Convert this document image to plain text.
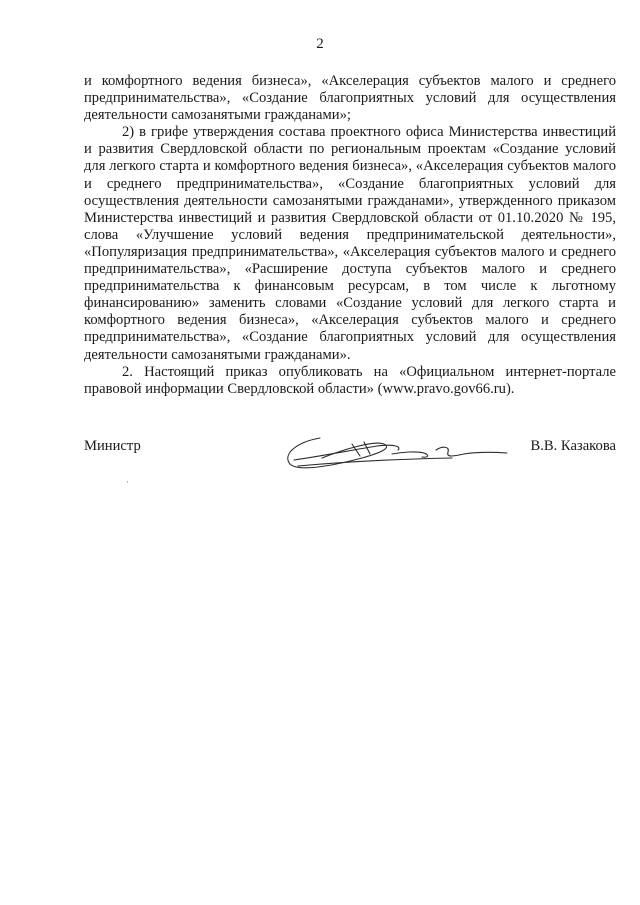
2

и комфортного ведения бизнеса», «Акселерация субъектов малого и среднего предпринимательства», «Создание благоприятных условий для осуществления деятельности самозанятыми гражданами»;

2) в грифе утверждения состава проектного офиса Министерства инвестиций и развития Свердловской области по региональным проектам «Создание условий для легкого старта и комфортного ведения бизнеса», «Акселерация субъектов малого и среднего предпринимательства», «Создание благоприятных условий для осуществления деятельности самозанятыми гражданами», утвержденного приказом Министерства инвестиций и развития Свердловской области от 01.10.2020 № 195, слова «Улучшение условий ведения предпринимательской деятельности», «Популяризация предпринимательства», «Акселерация субъектов малого и среднего предпринимательства», «Расширение доступа субъектов малого и среднего предпринимательства к финансовым ресурсам, в том числе к льготному финансированию» заменить словами «Создание условий для легкого старта и комфортного ведения бизнеса», «Акселерация субъектов малого и среднего предпринимательства», «Создание благоприятных условий для осуществления деятельности самозанятыми гражданами».

2. Настоящий приказ опубликовать на «Официальном интернет-портале правовой информации Свердловской области» (www.pravo.gov66.ru).

Министр	В.В. Казакова
